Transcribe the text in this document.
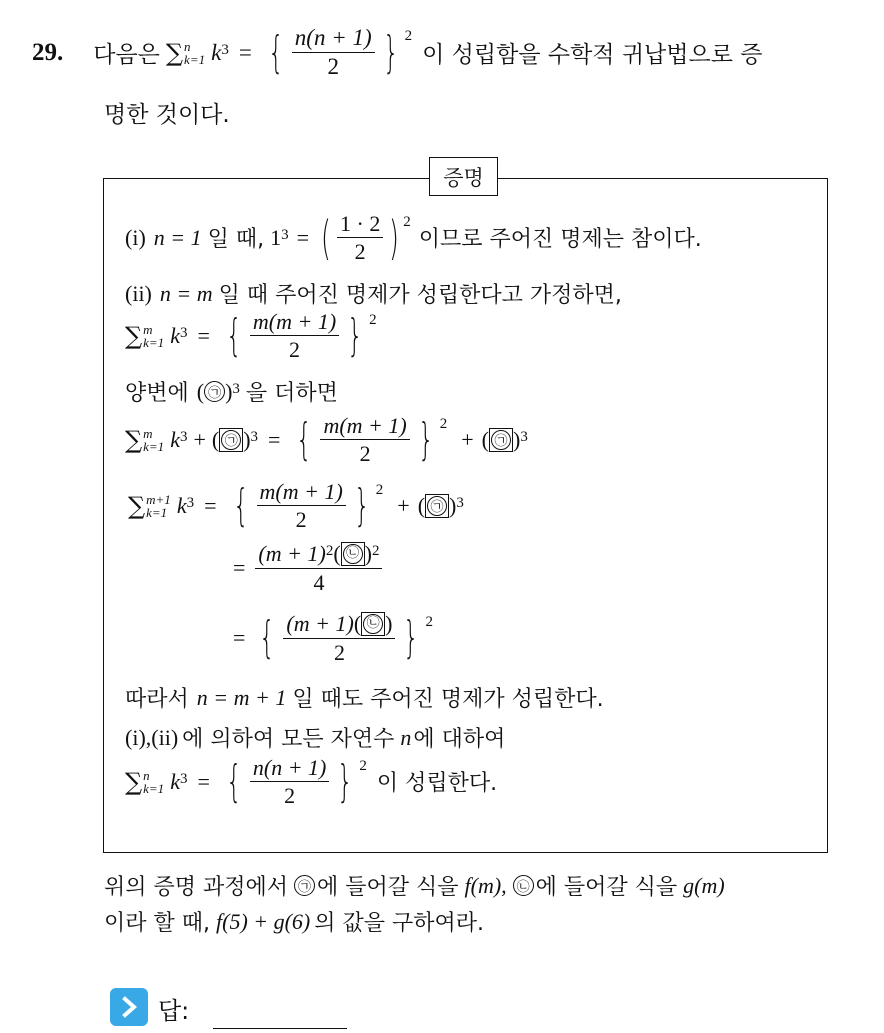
29. 다음은 ∑ n
k=1 $k^3$ = { $\frac{n(n + 1)}{2}$ } 2
이 성립함을 수학적 귀납법으로 증
명한 것이다.
증명
(i) n = 1 일 때, $1^3$ = ( $\frac{1 \cdot 2}{2}$ ) 2
이므로 주어진 명제는 참이다.
(ii) n = m 일 때 주어진 명제가 성립한다고 가정하면,
∑ m
k=1 $k^3$ = { $\frac{m(m + 1)}{2}$ } 2
양변에 ( ㉠ )$^3$ 을 더하면
∑ m
k=1 $k^3$ + ( ㉠ )$^3$ = { $\frac{m(m + 1)}{2}$ } 2
+ ( ㉠ )$^3$
∑ m+1
k=1 $k^3$ = { $\frac{m(m + 1)}{2}$ } 2
+ ( ㉠ )$^3$
= $\frac{(m + 1)^2 ( ㉡ )^2}{4}$
= { $\frac{(m + 1) ( ㉡ )}{2}$ } 2
따라서 n = m + 1 일 때도 주어진 명제가 성립한다.
(i),(ii) 에 의하여 모든 자연수 n 에 대하여
∑ n
k=1 $k^3$ = { $\frac{n(n + 1)}{2}$ } 2
이 성립한다.
위의 증명 과정에서 ㉠ 에 들어갈 식을 f(m), ㉡ 에 들어갈 식을 g(m)
이라 할 때, f(5) + g(6) 의 값을 구하여라.
답:
